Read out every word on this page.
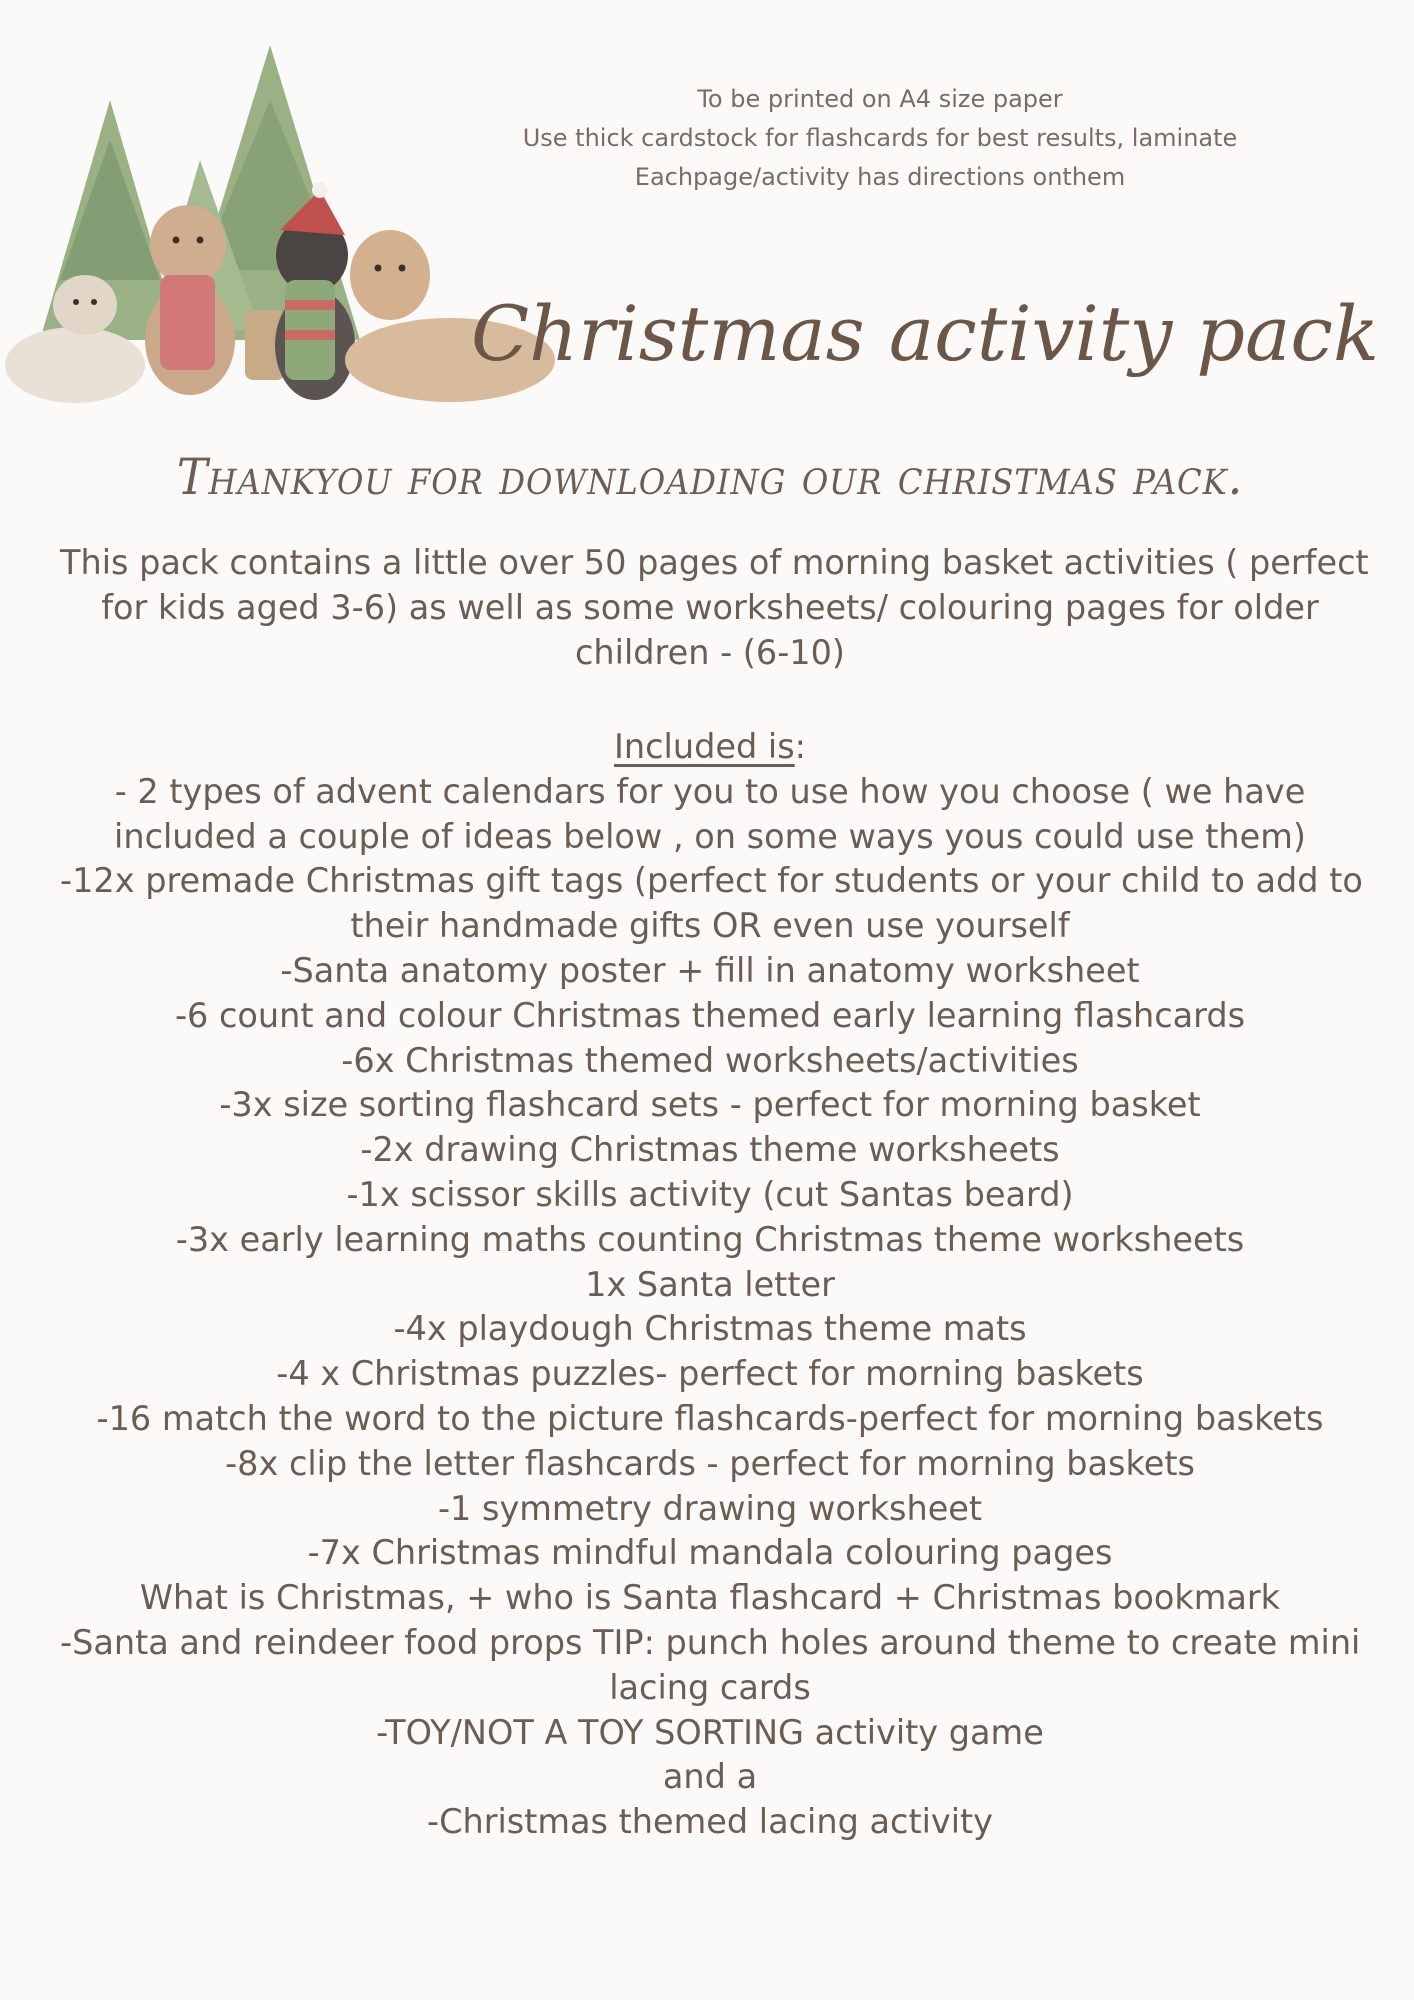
To be printed on A4 size paper
Use thick cardstock for flashcards for best results, laminate
Eachpage/activity has directions onthem
Christmas activity pack
Thankyou for downloading our christmas pack.
This pack contains a little over 50 pages of morning basket activities ( perfect
for kids aged 3-6) as well as some worksheets/ colouring pages for older
children - (6-10)
Included is:
- 2 types of advent calendars for you to use how you choose ( we have
included a couple of ideas below , on some ways yous could use them)
-12x premade Christmas gift tags (perfect for students or your child to add to
their handmade gifts OR even use yourself
-Santa anatomy poster + fill in anatomy worksheet
-6 count and colour Christmas themed early learning flashcards
-6x Christmas themed worksheets/activities
-3x size sorting flashcard sets - perfect for morning basket
-2x drawing Christmas theme worksheets
-1x scissor skills activity (cut Santas beard)
-3x early learning maths counting Christmas theme worksheets
1x Santa letter
-4x playdough Christmas theme mats
-4 x Christmas puzzles- perfect for morning baskets
-16 match the word to the picture flashcards-perfect for morning baskets
-8x clip the letter flashcards - perfect for morning baskets
-1 symmetry drawing worksheet
-7x Christmas mindful mandala colouring pages
What is Christmas, + who is Santa flashcard + Christmas bookmark
-Santa and reindeer food props TIP: punch holes around theme to create mini
lacing cards
-TOY/NOT A TOY SORTING activity game
and a
-Christmas themed lacing activity
